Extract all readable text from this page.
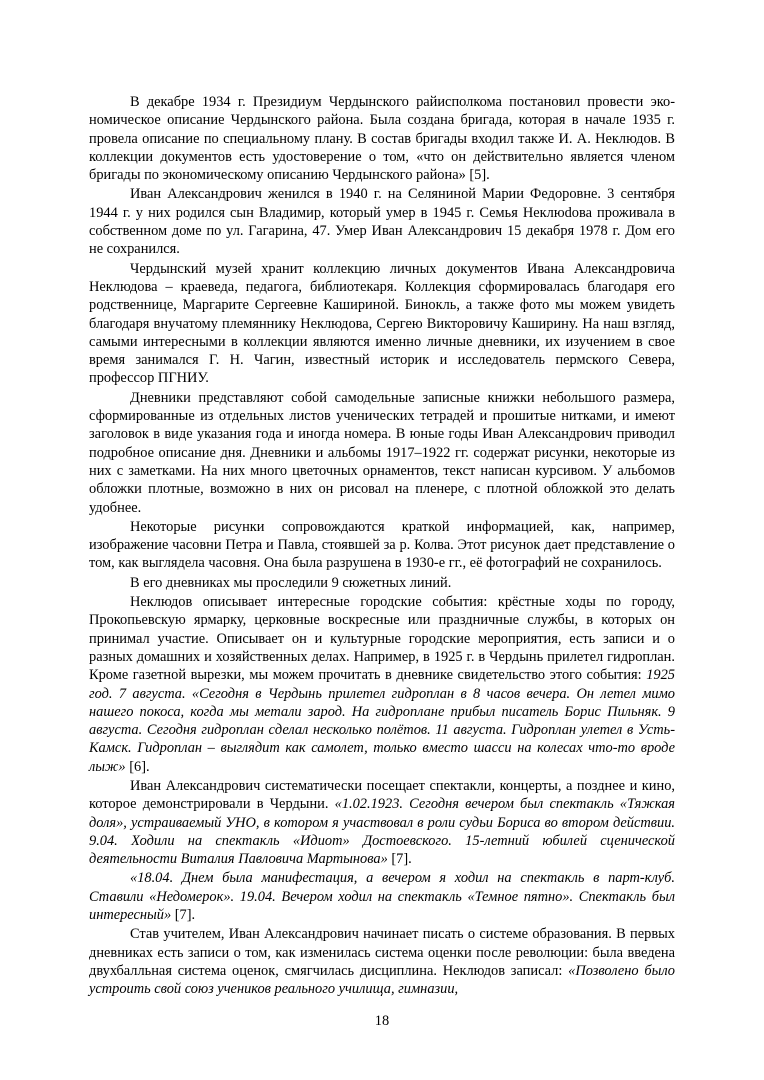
В декабре 1934 г. Президиум Чердынского райисполкома постановил провести экономическое описание Чердынского района. Была создана бригада, которая в начале 1935 г. провела описание по специальному плану. В состав бригады входил также И. А. Неклюдов. В коллекции документов есть удостоверение о том, «что он действительно является членом бригады по экономическому описанию Чердынского района» [5].

Иван Александрович женился в 1940 г. на Селяниной Марии Федоровне. 3 сентября 1944 г. у них родился сын Владимир, который умер в 1945 г. Семья Неклюdова проживала в собственном доме по ул. Гагарина, 47. Умер Иван Александрович 15 декабря 1978 г. Дом его не сохранился.

Чердынский музей хранит коллекцию личных документов Ивана Александровича Неклюдова – краеведа, педагога, библиотекаря. Коллекция сформировалась благодаря его родственнице, Маргарите Сергеевне Кашириной. Бинокль, а также фото мы можем увидеть благодаря внучатому племяннику Неклюдова, Сергею Викторовичу Каширину. На наш взгляд, самыми интересными в коллекции являются именно личные дневники, их изучением в свое время занимался Г. Н. Чагин, известный историк и исследователь пермского Севера, профессор ПГНИУ.

Дневники представляют собой самодельные записные книжки небольшого размера, сформированные из отдельных листов ученических тетрадей и прошитые нитками, и имеют заголовок в виде указания года и иногда номера. В юные годы Иван Александрович приводил подробное описание дня. Дневники и альбомы 1917–1922 гг. содержат рисунки, некоторые из них с заметками. На них много цветочных орнаментов, текст написан курсивом. У альбомов обложки плотные, возможно в них он рисовал на пленере, с плотной обложкой это делать удобнее.

Некоторые рисунки сопровождаются краткой информацией, как, например, изображение часовни Петра и Павла, стоявшей за р. Колва. Этот рисунок дает представление о том, как выглядела часовня. Она была разрушена в 1930-е гг., её фотографий не сохранилось.

В его дневниках мы проследили 9 сюжетных линий.

Неклюдов описывает интересные городские события: крёстные ходы по городу, Прокопьевскую ярмарку, церковные воскресные или праздничные службы, в которых он принимал участие. Описывает он и культурные городские мероприятия, есть записи и о разных домашних и хозяйственных делах. Например, в 1925 г. в Чердынь прилетел гидроплан. Кроме газетной вырезки, мы можем прочитать в дневнике свидетельство этого события: 1925 год. 7 августа. «Сегодня в Чердынь прилетел гидроплан в 8 часов вечера. Он летел мимо нашего покоса, когда мы метали зарод. На гидроплане прибыл писатель Борис Пильняк. 9 августа. Сегодня гидроплан сделал несколько полётов. 11 августа. Гидроплан улетел в Усть-Камск. Гидроплан – выглядит как самолет, только вместо шасси на колесах что-то вроде лыж» [6].

Иван Александрович систематически посещает спектакли, концерты, а позднее и кино, которое демонстрировали в Чердыни. «1.02.1923. Сегодня вечером был спектакль «Тяжкая доля», устраиваемый УНО, в котором я участвовал в роли судьи Бориса во втором действии. 9.04. Ходили на спектакль «Идиот» Достоевского. 15-летний юбилей сценической деятельности Виталия Павловича Мартынова» [7].

«18.04. Днем была манифестация, а вечером я ходил на спектакль в парт-клуб. Ставили «Недомерок». 19.04. Вечером ходил на спектакль «Темное пятно». Спектакль был интересный» [7].

Став учителем, Иван Александрович начинает писать о системе образования. В первых дневниках есть записи о том, как изменилась система оценки после революции: была введена двухбалльная система оценок, смягчилась дисциплина. Неклюдов записал: «Позволено было устроить свой союз учеников реального училища, гимназии,

18
